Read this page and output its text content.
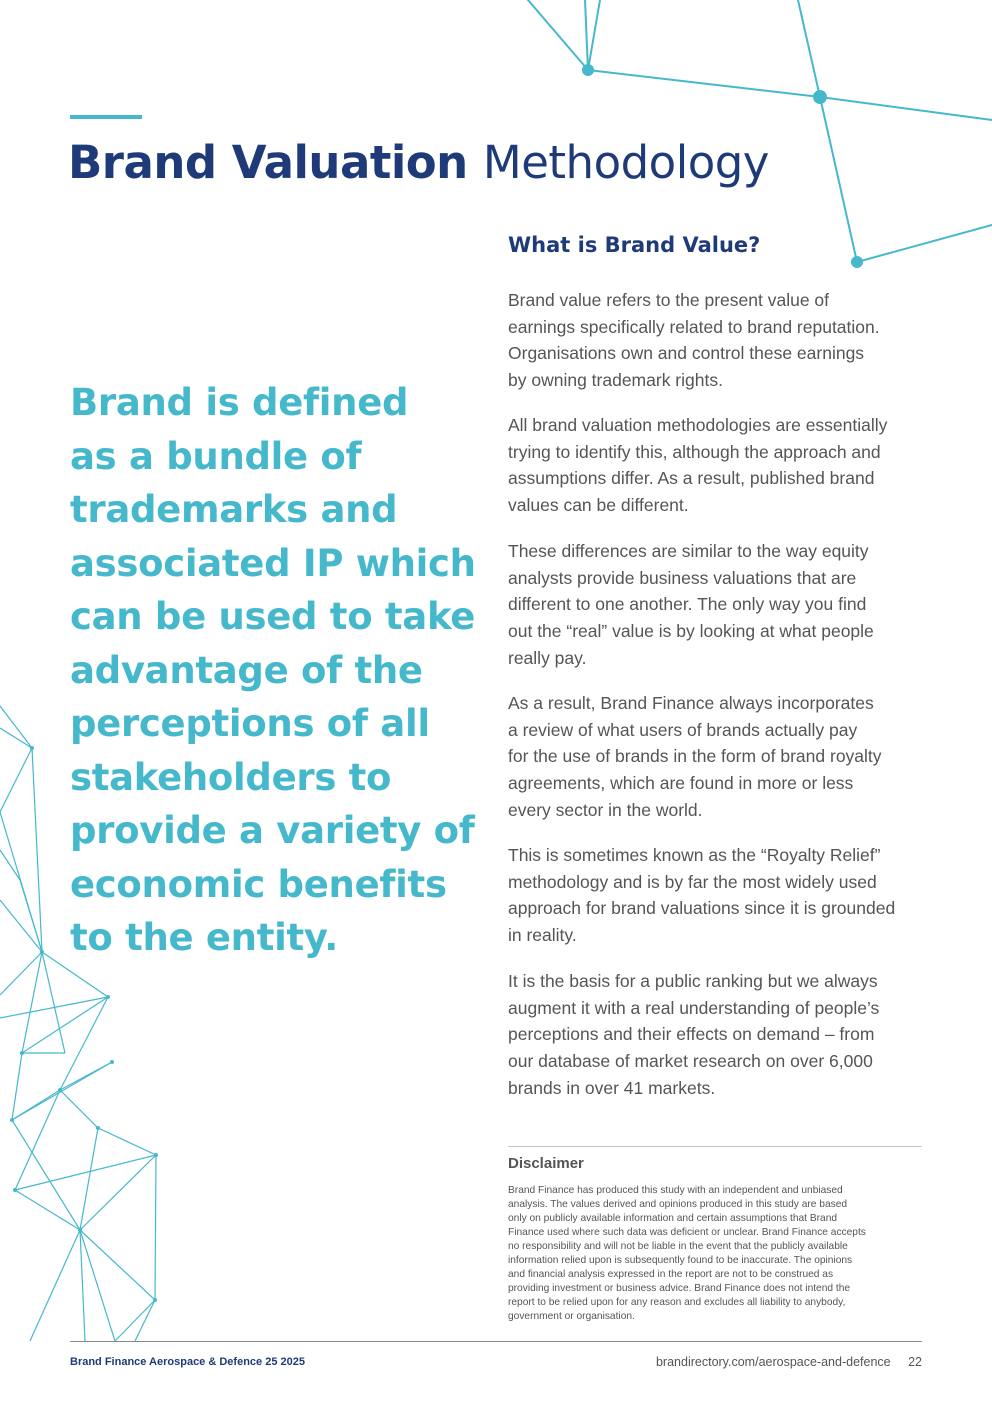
Brand Valuation Methodology

Brand is defined
as a bundle of
trademarks and
associated IP which
can be used to take
advantage of the
perceptions of all
stakeholders to
provide a variety of
economic benefits
to the entity.

What is Brand Value?

Brand value refers to the present value of
earnings specifically related to brand reputation.
Organisations own and control these earnings
by owning trademark rights.

All brand valuation methodologies are essentially
trying to identify this, although the approach and
assumptions differ. As a result, published brand
values can be different.

These differences are similar to the way equity
analysts provide business valuations that are
different to one another. The only way you find
out the “real” value is by looking at what people
really pay.

As a result, Brand Finance always incorporates
a review of what users of brands actually pay
for the use of brands in the form of brand royalty
agreements, which are found in more or less
every sector in the world.

This is sometimes known as the “Royalty Relief”
methodology and is by far the most widely used
approach for brand valuations since it is grounded
in reality.

It is the basis for a public ranking but we always
augment it with a real understanding of people’s
perceptions and their effects on demand – from
our database of market research on over 6,000
brands in over 41 markets.

Disclaimer

Brand Finance has produced this study with an independent and unbiased
analysis. The values derived and opinions produced in this study are based
only on publicly available information and certain assumptions that Brand
Finance used where such data was deficient or unclear. Brand Finance accepts
no responsibility and will not be liable in the event that the publicly available
information relied upon is subsequently found to be inaccurate. The opinions
and financial analysis expressed in the report are not to be construed as
providing investment or business advice. Brand Finance does not intend the
report to be relied upon for any reason and excludes all liability to anybody,
government or organisation.

Brand Finance Aerospace & Defence 25 2025	brandirectory.com/aerospace-and-defence 22
